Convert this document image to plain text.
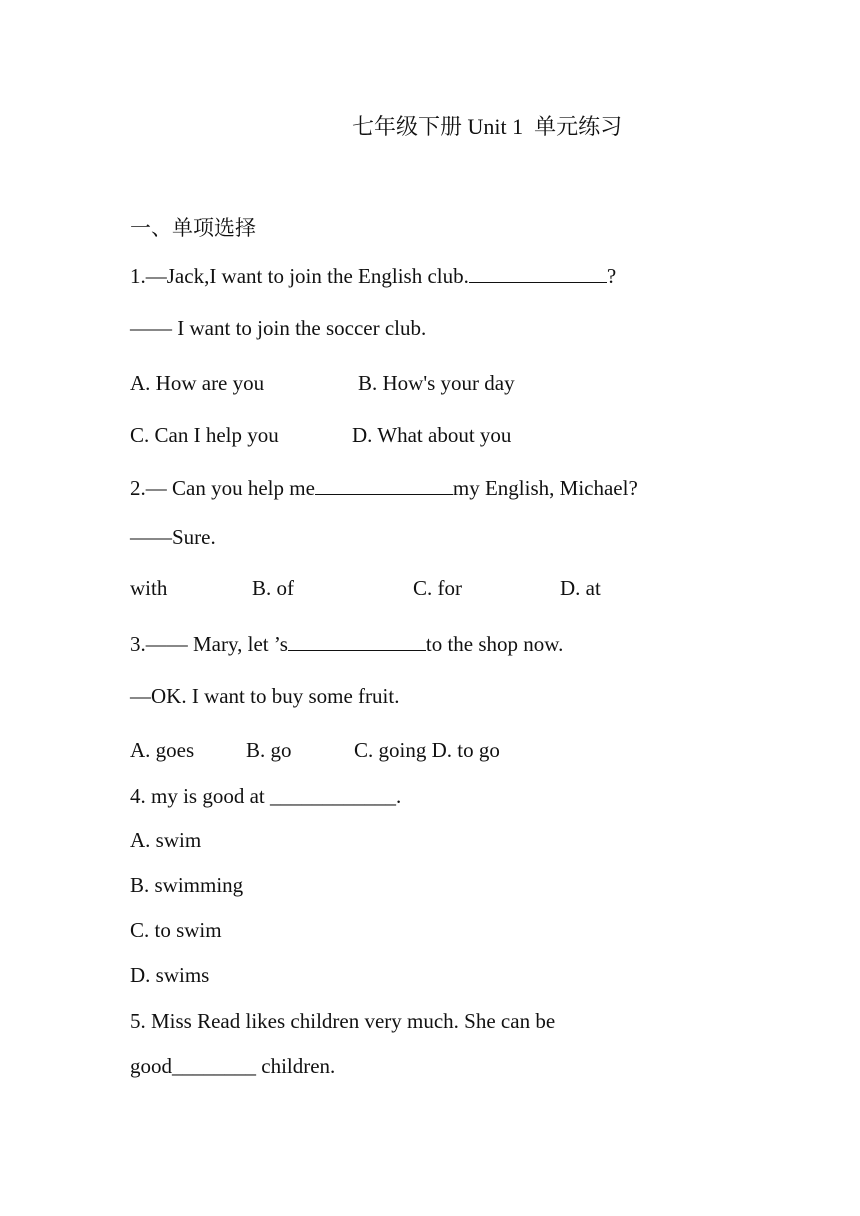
七年级下册 Unit 1  单元练习
一、单项选择
1.—Jack,I want to join the English club.	?
—— I want to join the soccer club.
A. How are you	B. How's your day
C. Can I help you	D. What about you
2.— Can you help me	my English, Michael?
——Sure.
with	B. of	C. for	D. at
3.—— Mary, let ’s	to the shop now.
—OK. I want to buy some fruit.
A. goes B. go	C. going D. to go
4. my is good at ____________.
A. swim
B. swimming
C. to swim
D. swims
5. Miss Read likes children very much. She can be
good________ children.
